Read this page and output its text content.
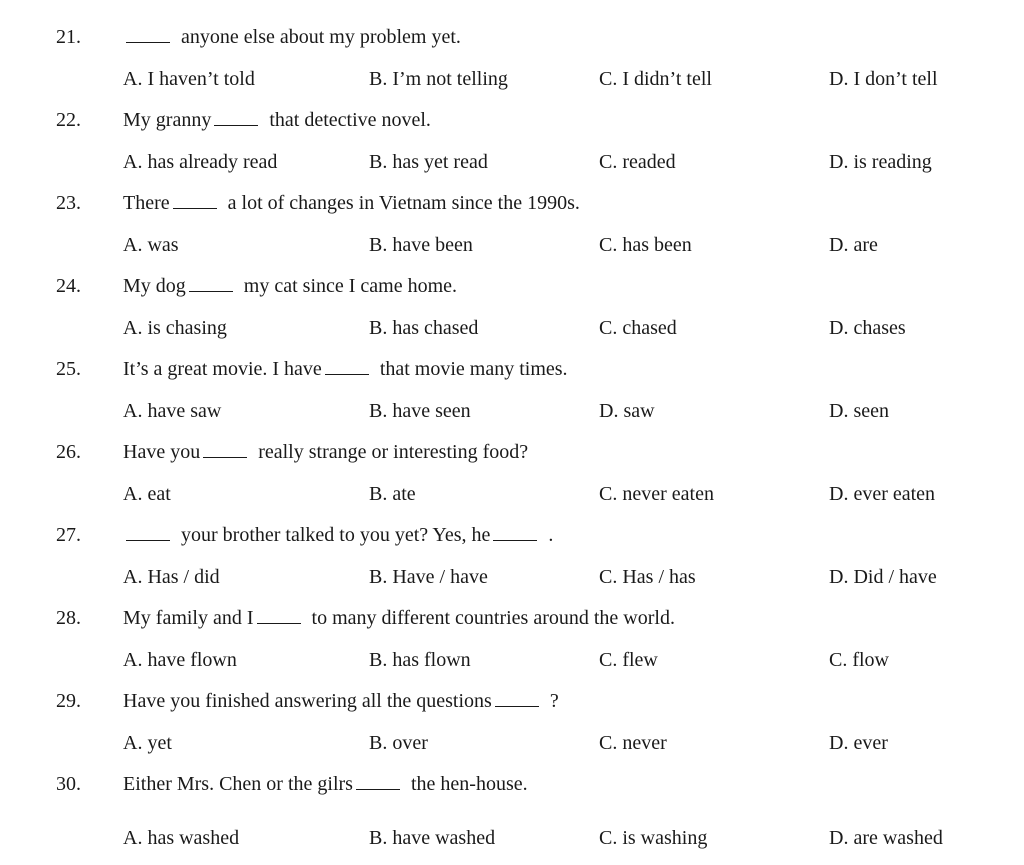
21.	anyone else about my problem yet.
A. I haven’t told	B. I’m not telling	C. I didn’t tell	D. I don’t tell
22. My granny	that detective novel.
A. has already read	B. has yet read	C. readed	D. is reading
23. There	a lot of changes in Vietnam since the 1990s.
A. was	B. have been	C. has been	D. are
24. My dog	my cat since I came home.
A. is chasing	B. has chased	C. chased	D. chases
25. It’s a great movie. I have	that movie many times.
A. have saw	B. have seen	D. saw	D. seen
26. Have you	really strange or interesting food?
A. eat	B. ate	C. never eaten	D. ever eaten
27.	your brother talked to you yet? Yes, he	.
A. Has / did	B. Have / have	C. Has / has	D. Did / have
28. My family and I	to many different countries around the world.
A. have flown	B. has flown	C. flew	C. flow
29. Have you finished answering all the questions	?
A. yet	B. over	C. never	D. ever
30. Either Mrs. Chen or the gilrs	the hen-house.
A. has washed	B. have washed	C. is washing	D. are washed
